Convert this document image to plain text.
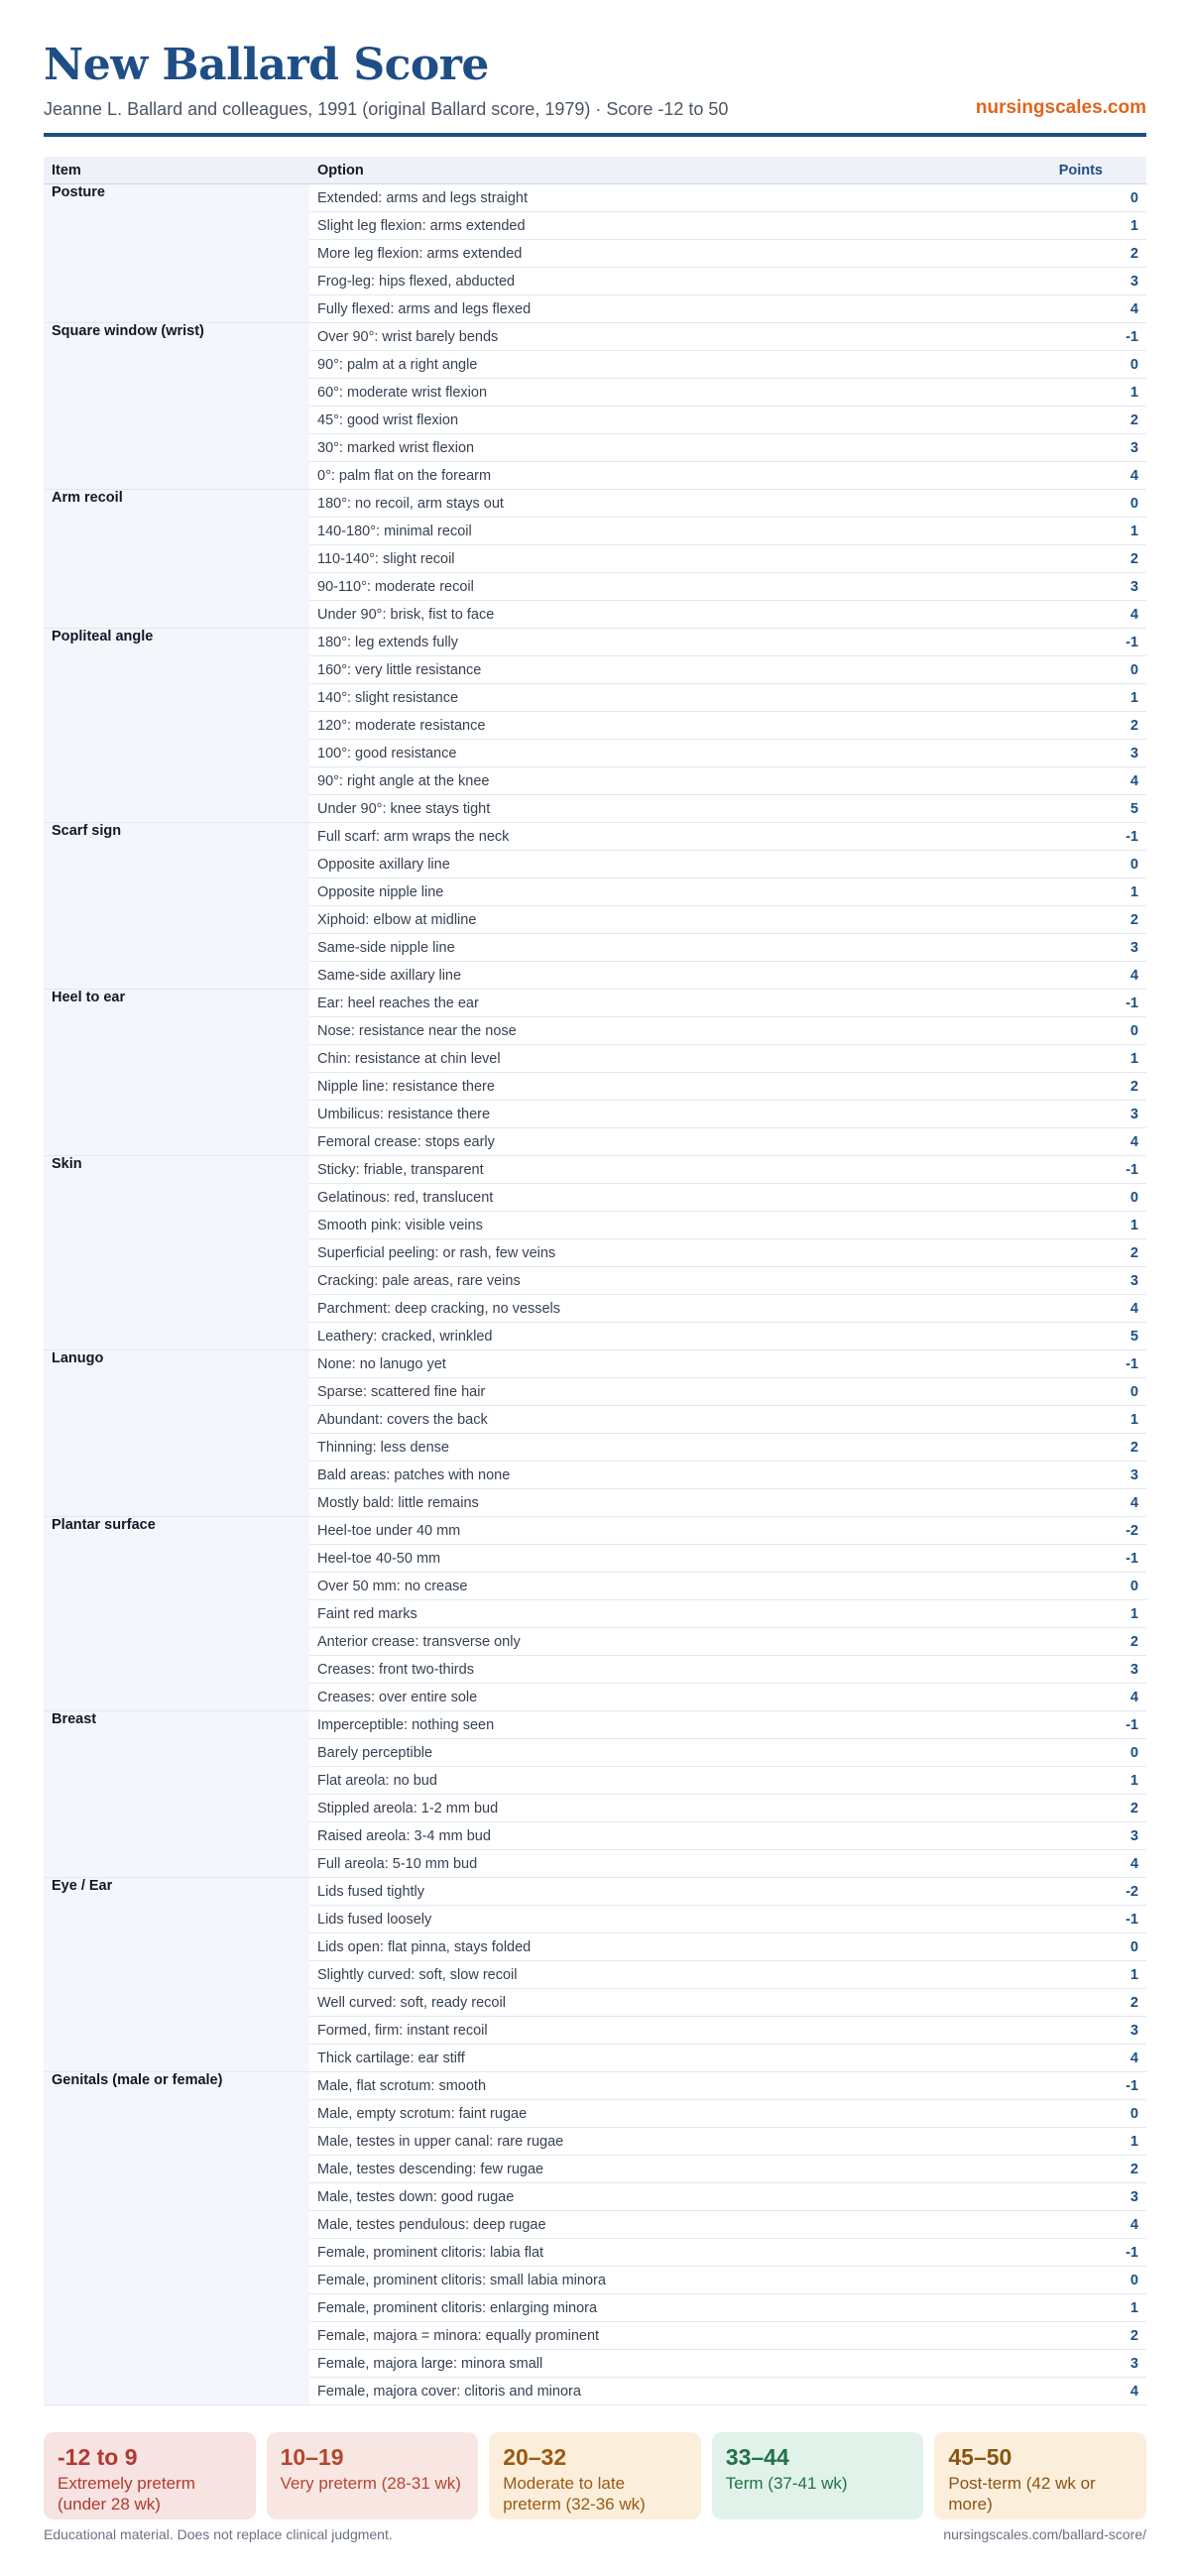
New Ballard Score
Jeanne L. Ballard and colleagues, 1991 (original Ballard score, 1979) · Score -12 to 50	nursingscales.com
Item	Option	Points
Posture	Extended: arms and legs straight	0
	Slight leg flexion: arms extended	1
	More leg flexion: arms extended	2
	Frog-leg: hips flexed, abducted	3
	Fully flexed: arms and legs flexed	4
Square window (wrist)	Over 90°: wrist barely bends	-1
	90°: palm at a right angle	0
	60°: moderate wrist flexion	1
	45°: good wrist flexion	2
	30°: marked wrist flexion	3
	0°: palm flat on the forearm	4
Arm recoil	180°: no recoil, arm stays out	0
	140-180°: minimal recoil	1
	110-140°: slight recoil	2
	90-110°: moderate recoil	3
	Under 90°: brisk, fist to face	4
Popliteal angle	180°: leg extends fully	-1
	160°: very little resistance	0
	140°: slight resistance	1
	120°: moderate resistance	2
	100°: good resistance	3
	90°: right angle at the knee	4
	Under 90°: knee stays tight	5
Scarf sign	Full scarf: arm wraps the neck	-1
	Opposite axillary line	0
	Opposite nipple line	1
	Xiphoid: elbow at midline	2
	Same-side nipple line	3
	Same-side axillary line	4
Heel to ear	Ear: heel reaches the ear	-1
	Nose: resistance near the nose	0
	Chin: resistance at chin level	1
	Nipple line: resistance there	2
	Umbilicus: resistance there	3
	Femoral crease: stops early	4
Skin	Sticky: friable, transparent	-1
	Gelatinous: red, translucent	0
	Smooth pink: visible veins	1
	Superficial peeling: or rash, few veins	2
	Cracking: pale areas, rare veins	3
	Parchment: deep cracking, no vessels	4
	Leathery: cracked, wrinkled	5
Lanugo	None: no lanugo yet	-1
	Sparse: scattered fine hair	0
	Abundant: covers the back	1
	Thinning: less dense	2
	Bald areas: patches with none	3
	Mostly bald: little remains	4
Plantar surface	Heel-toe under 40 mm	-2
	Heel-toe 40-50 mm	-1
	Over 50 mm: no crease	0
	Faint red marks	1
	Anterior crease: transverse only	2
	Creases: front two-thirds	3
	Creases: over entire sole	4
Breast	Imperceptible: nothing seen	-1
	Barely perceptible	0
	Flat areola: no bud	1
	Stippled areola: 1-2 mm bud	2
	Raised areola: 3-4 mm bud	3
	Full areola: 5-10 mm bud	4
Eye / Ear	Lids fused tightly	-2
	Lids fused loosely	-1
	Lids open: flat pinna, stays folded	0
	Slightly curved: soft, slow recoil	1
	Well curved: soft, ready recoil	2
	Formed, firm: instant recoil	3
	Thick cartilage: ear stiff	4
Genitals (male or female)	Male, flat scrotum: smooth	-1
	Male, empty scrotum: faint rugae	0
	Male, testes in upper canal: rare rugae	1
	Male, testes descending: few rugae	2
	Male, testes down: good rugae	3
	Male, testes pendulous: deep rugae	4
	Female, prominent clitoris: labia flat	-1
	Female, prominent clitoris: small labia minora	0
	Female, prominent clitoris: enlarging minora	1
	Female, majora = minora: equally prominent	2
	Female, majora large: minora small	3
	Female, majora cover: clitoris and minora	4
-12 to 9
Extremely preterm (under 28 wk)
10–19
Very preterm (28-31 wk)
20–32
Moderate to late preterm (32-36 wk)
33–44
Term (37-41 wk)
45–50
Post-term (42 wk or more)
Educational material. Does not replace clinical judgment.	nursingscales.com/ballard-score/
